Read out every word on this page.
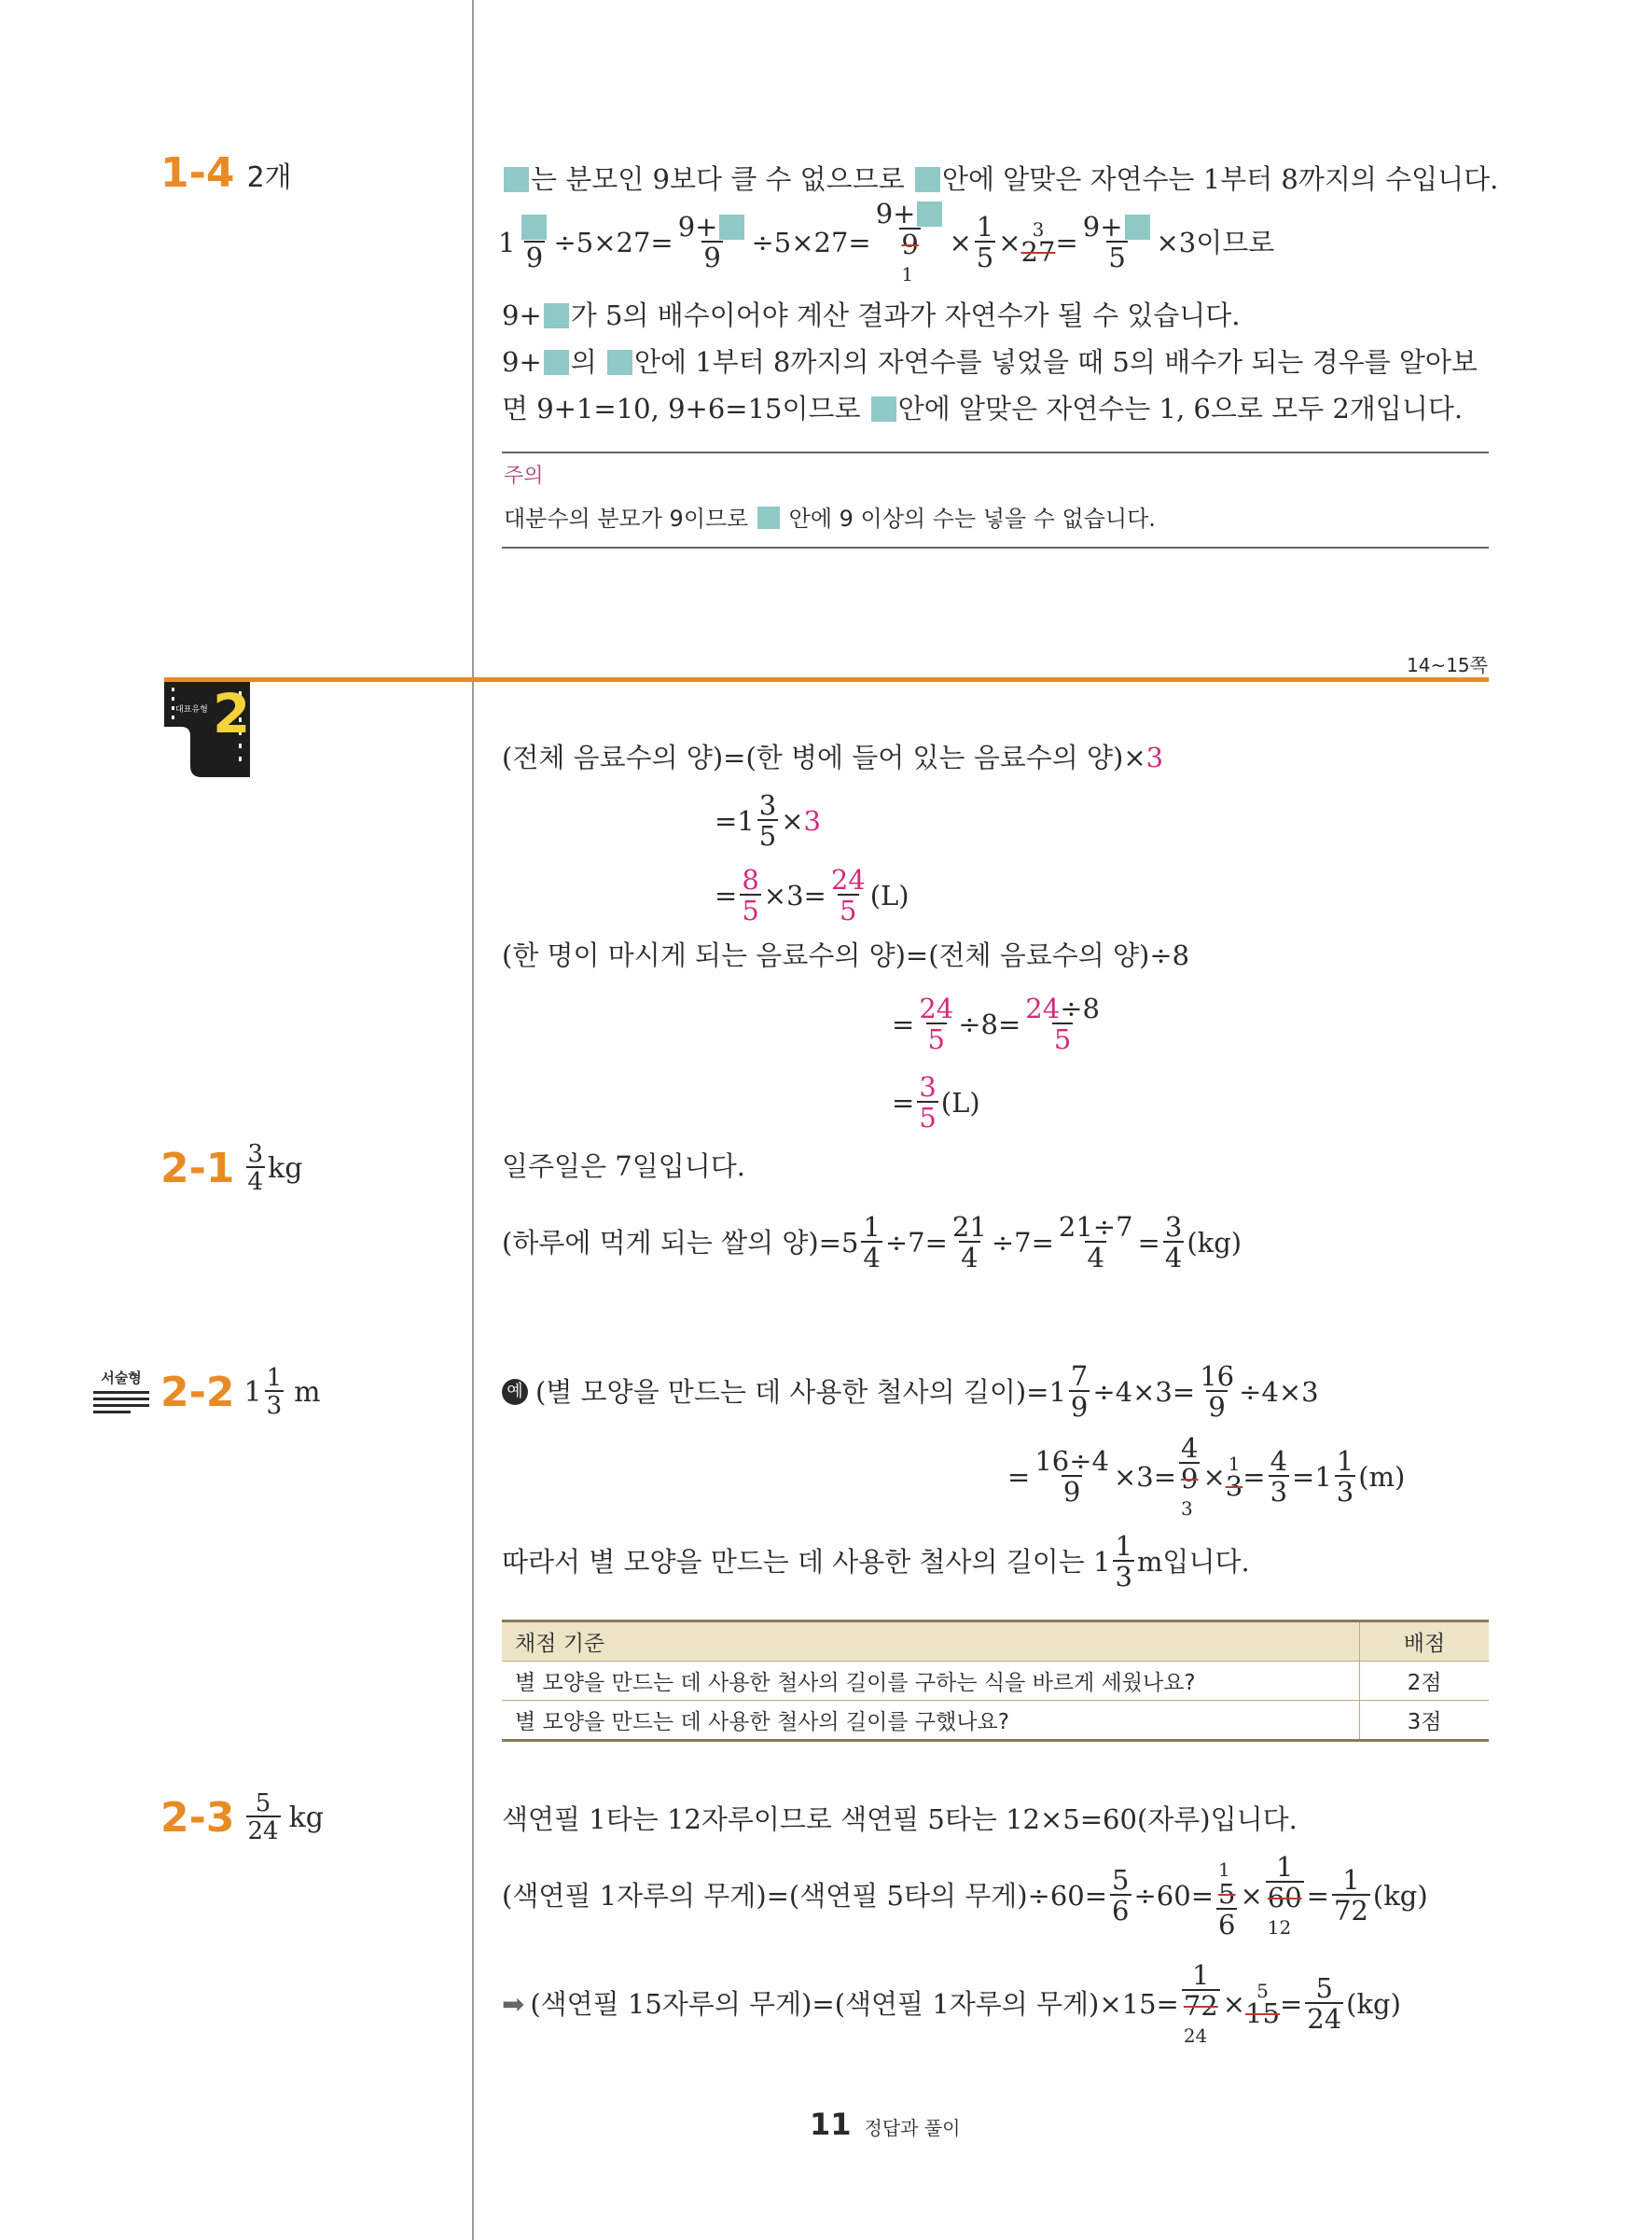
1-4 2개	는 분모인 9보다 클 수 없으므로 안에 알맞은 자연수는 1부터 8까지의 수입니다.
1 $9 \div 5\times 27= \frac{9+}{9} \div 5\times 27=$
9+
9
1
× $\frac{1}{5} \times 3$
$27 = \frac{9+}{5} \times 3$이므로
9+ 가 5의 배수이어야 계산 결과가 자연수가 될 수 있습니다.
9+ 의 안에 1부터 8까지의 자연수를 넣었을 때 5의 배수가 되는 경우를 알아보
면 9+1=10, 9+6=15이므로 안에 알맞은 자연수는 1, 6으로 모두 2개입니다.
주의
대분수의 분모가 9이므로 안에 9 이상의 수는 넣을 수 없습니다.
14~15쪽
대표유형 2
(전체 음료수의 양)=(한 병에 들어 있는 음료수의 양)×3
$=1 \frac{3}{5} \times 3$
= $\frac{8}{5} \times 3= \frac{24}{5} (L)$
(한 명이 마시게 되는 음료수의 양)=(전체 음료수의 양)÷8
= $\frac{24}{5} \div 8= \frac{24\div 8}{5}$
= $\frac{3}{5} (L)$
$2-1 \frac{3}{4}$ kg	일주일은 7일입니다.
(하루에 먹게 되는 쌀의 양)$=5 \frac{1}{4} \div 7= \frac{21}{4} \div 7= \frac{21\div 7}{4} = \frac{3}{4} (kg)$
서술형 2-2 $1 \frac{1}{3}$ m	예 (별 모양을 만드는 데 사용한 철사의 길이)$=1 \frac{7}{9} \div 4\times 3= \frac{16}{9} \div 4\times 3$
= $\frac{16\div 4}{9} \times 3=$
4
9
3
× 1
$3 = \frac{4}{3} =1 \frac{1}{3} (m)$
따라서 별 모양을 만드는 데 사용한 철사의 길이는 $1 \frac{1}{3}$ m입니다.
채점 기준	배점
별 모양을 만드는 데 사용한 철사의 길이를 구하는 식을 바르게 세웠나요?	2점
별 모양을 만드는 데 사용한 철사의 길이를 구했나요?	3점
$2-3 \frac{5}{24}$ kg	색연필 1타는 12자루이므로 색연필 5타는 12×5=60(자루)입니다.
(색연필 1자루의 무게)=(색연필 5타의 무게)$\div 60= \frac{5}{6} \div 60=$
1
5
6
×
1
60
12
= $\frac{1}{72} (kg)$
➡ (색연필 15자루의 무게)=(색연필 1자루의 무게)×15=
1
72
24
× 5
$15 = \frac{5}{24} (kg)$
11 정답과 풀이
